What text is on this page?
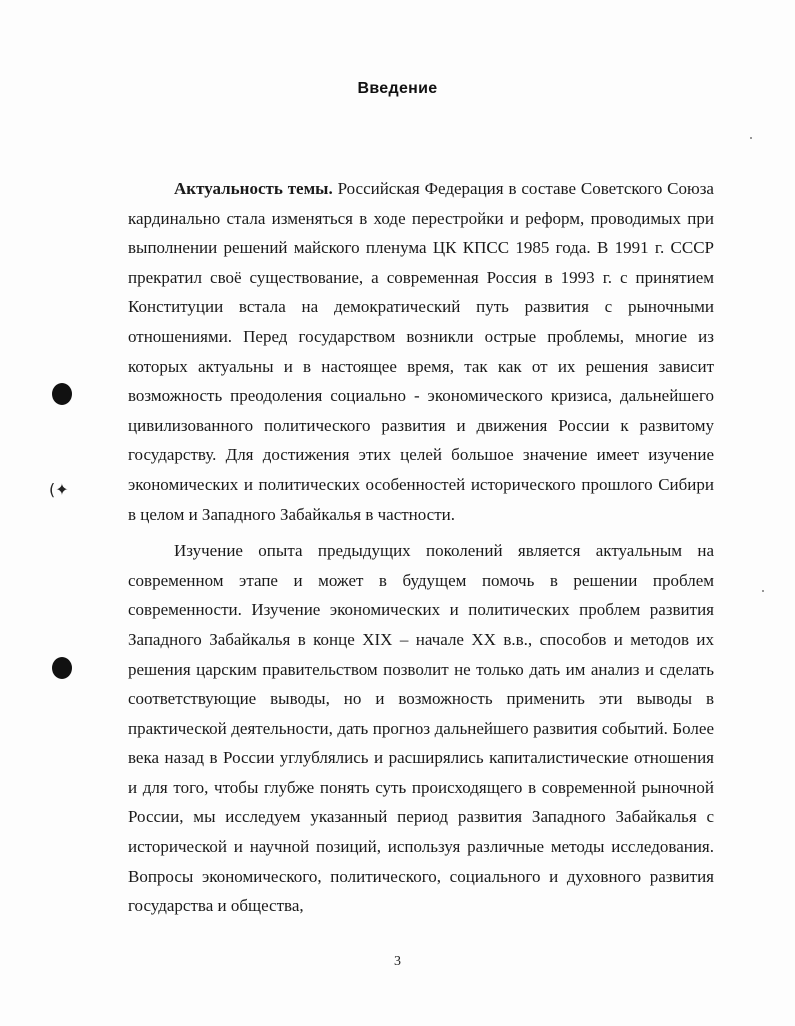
Введение

Актуальность темы. Российская Федерация в составе Советского Союза кардинально стала изменяться в ходе перестройки и реформ, проводимых при выполнении решений майского пленума ЦК КПСС 1985 года. В 1991 г. СССР прекратил своё существование, а современная Россия в 1993 г. с принятием Конституции встала на демократический путь развития с рыночными отношениями. Перед государством возникли острые проблемы, многие из которых актуальны и в настоящее время, так как от их решения зависит возможность преодоления социально - экономического кризиса, дальнейшего цивилизованного политического развития и движения России к развитому государству. Для достижения этих целей большое значение имеет изучение экономических и политических особенностей исторического прошлого Сибири в целом и Западного Забайкалья в частности.

Изучение опыта предыдущих поколений является актуальным на современном этапе и может в будущем помочь в решении проблем современности. Изучение экономических и политических проблем развития Западного Забайкалья в конце XIX – начале XX в.в., способов и методов их решения царским правительством позволит не только дать им анализ и сделать соответствующие выводы, но и возможность применить эти выводы в практической деятельности, дать прогноз дальнейшего развития событий. Более века назад в России углублялись и расширялись капиталистические отношения и для того, чтобы глубже понять суть происходящего в современной рыночной России, мы исследуем указанный период развития Западного Забайкалья с исторической и научной позиций, используя различные методы исследования. Вопросы экономического, политического, социального и духовного развития государства и общества,

3
(✦
